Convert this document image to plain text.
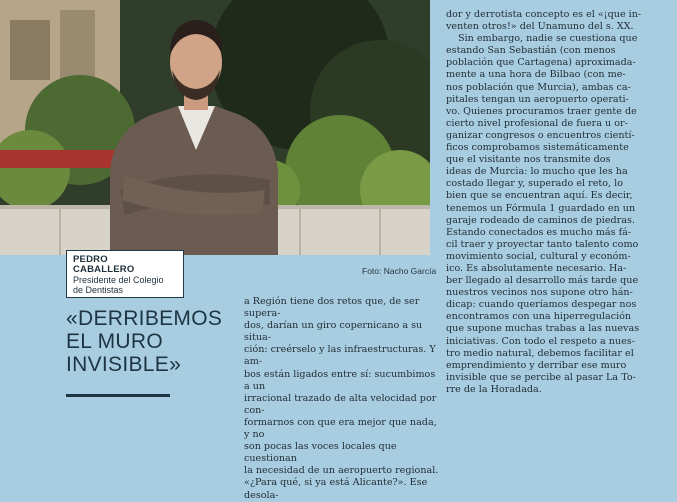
Foto: Nacho García
PEDRO
CABALLERO
Presidente del Colegio
de Dentistas
«DERRIBEMOS
EL MURO
INVISIBLE»
a Región tiene dos retos que, de ser supera-
dos, darían un giro copernicano a su situa-
ción: creérselo y las infraestructuras. Y am-
bos están ligados entre sí: sucumbimos a un
irracional trazado de alta velocidad por con-
formarnos con que era mejor que nada, y no
son pocas las voces locales que cuestionan
la necesidad de un aeropuerto regional.
«¿Para qué, si ya está Alicante?». Ese desola-
dor y derrotista concepto es el «¡que in-
venten otros!» del Unamuno del s. XX.
Sin embargo, nadie se cuestiona que
estando San Sebastián (con menos
población que Cartagena) aproximada-
mente a una hora de Bilbao (con me-
nos población que Murcia), ambas ca-
pitales tengan un aeropuerto operati-
vo. Quienes procuramos traer gente de
cierto nivel profesional de fuera u or-
ganizar congresos o encuentros cientí-
ficos comprobamos sistemáticamente
que el visitante nos transmite dos
ideas de Murcia: lo mucho que les ha
costado llegar y, superado el reto, lo
bien que se encuentran aquí. Es decir,
tenemos un Fórmula 1 guardado en un
garaje rodeado de caminos de piedras.
Estando conectados es mucho más fá-
cil traer y proyectar tanto talento como
movimiento social, cultural y económ-
ico. Es absolutamente necesario. Ha-
ber llegado al desarrollo más tarde que
nuestros vecinos nos supone otro hán-
dicap: cuando queríamos despegar nos
encontramos con una hiperregulación
que supone muchas trabas a las nuevas
iniciativas. Con todo el respeto a nues-
tro medio natural, debemos facilitar el
emprendimiento y derribar ese muro
invisible que se percibe al pasar La To-
rre de la Horadada.
